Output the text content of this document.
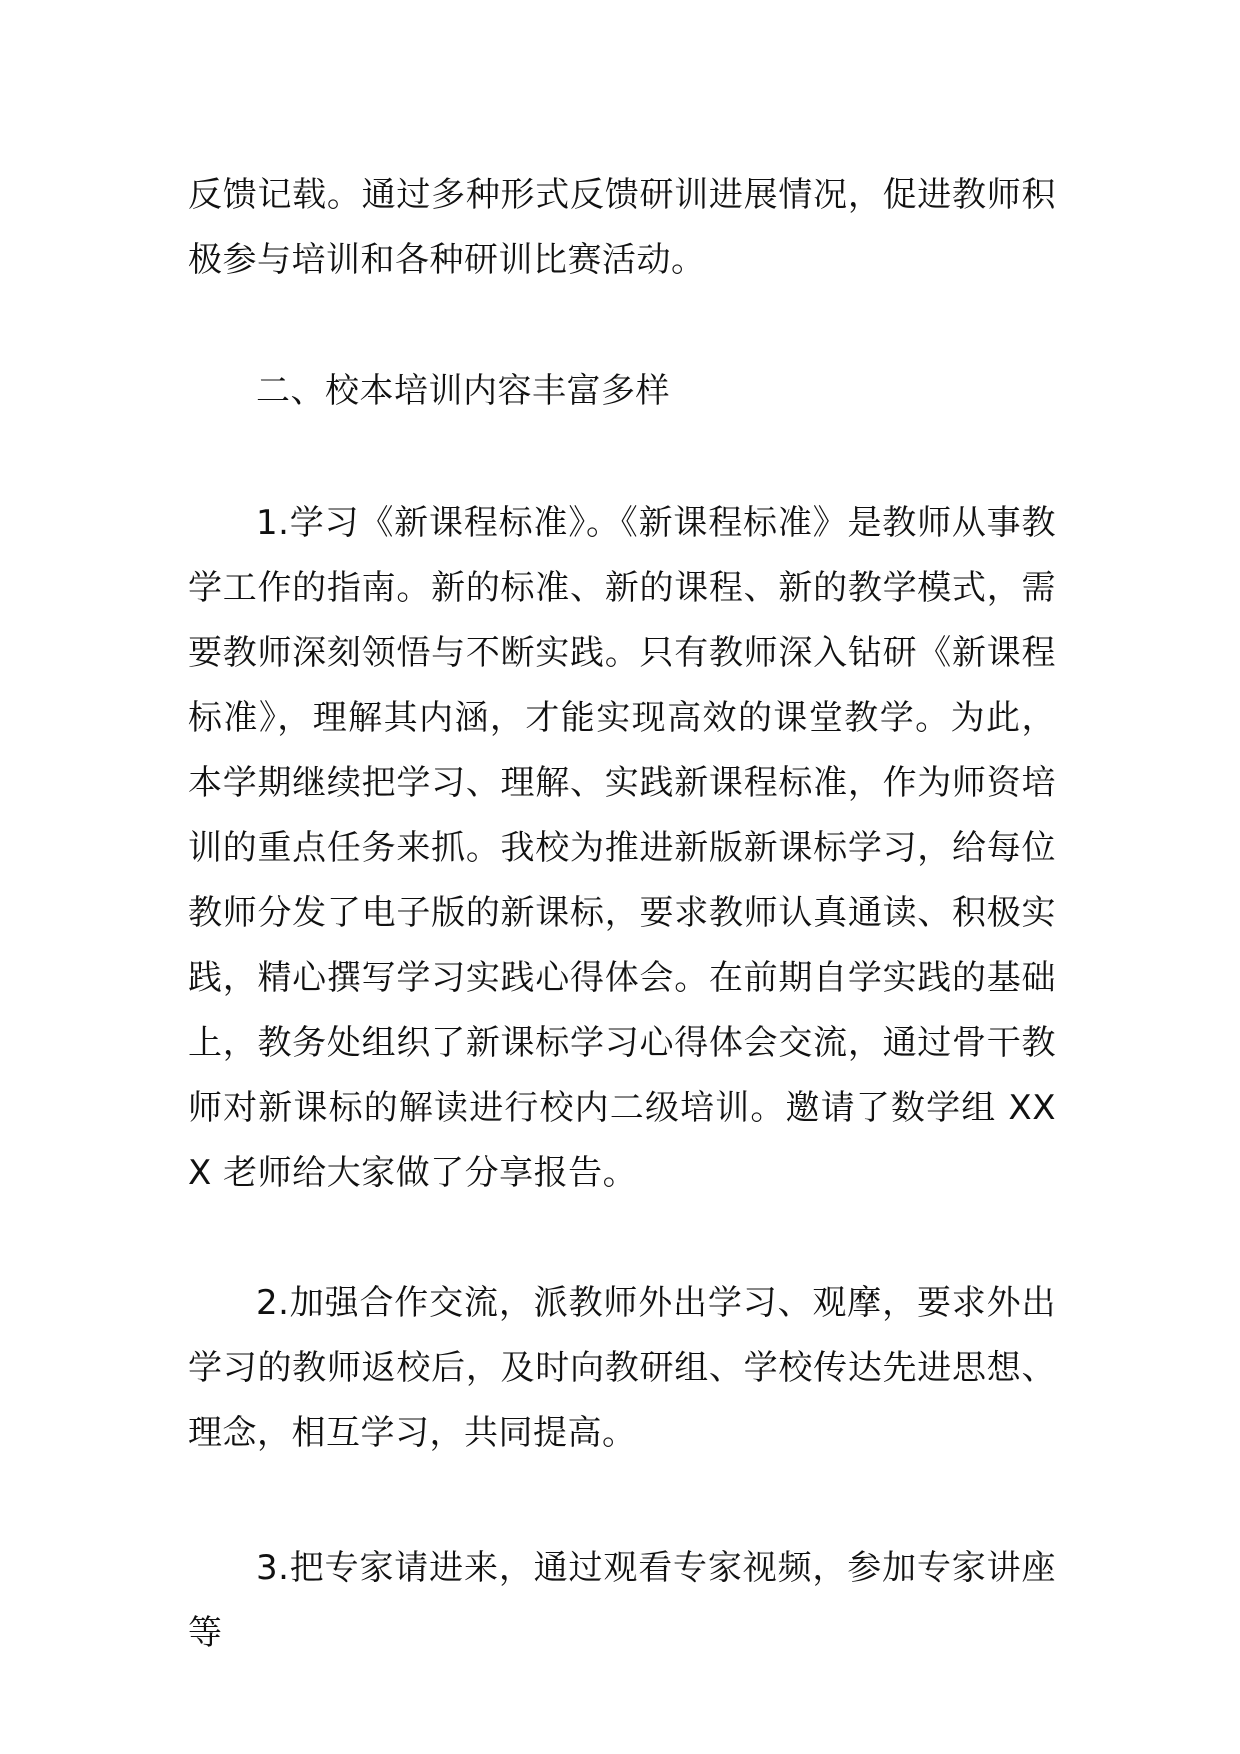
反馈记载。通过多种形式反馈研训进展情况，促进教师积极参与培训和各种研训比赛活动。

二、校本培训内容丰富多样

1.学习《新课程标准》。《新课程标准》是教师从事教学工作的指南。新的标准、新的课程、新的教学模式，需要教师深刻领悟与不断实践。只有教师深入钻研《新课程标准》，理解其内涵，才能实现高效的课堂教学。为此，本学期继续把学习、理解、实践新课程标准，作为师资培训的重点任务来抓。我校为推进新版新课标学习，给每位教师分发了电子版的新课标，要求教师认真通读、积极实践，精心撰写学习实践心得体会。在前期自学实践的基础上，教务处组织了新课标学习心得体会交流，通过骨干教师对新课标的解读进行校内二级培训。邀请了数学组 XXX 老师给大家做了分享报告。

2.加强合作交流，派教师外出学习、观摩，要求外出学习的教师返校后，及时向教研组、学校传达先进思想、理念，相互学习，共同提高。

3.把专家请进来，通过观看专家视频，参加专家讲座等
